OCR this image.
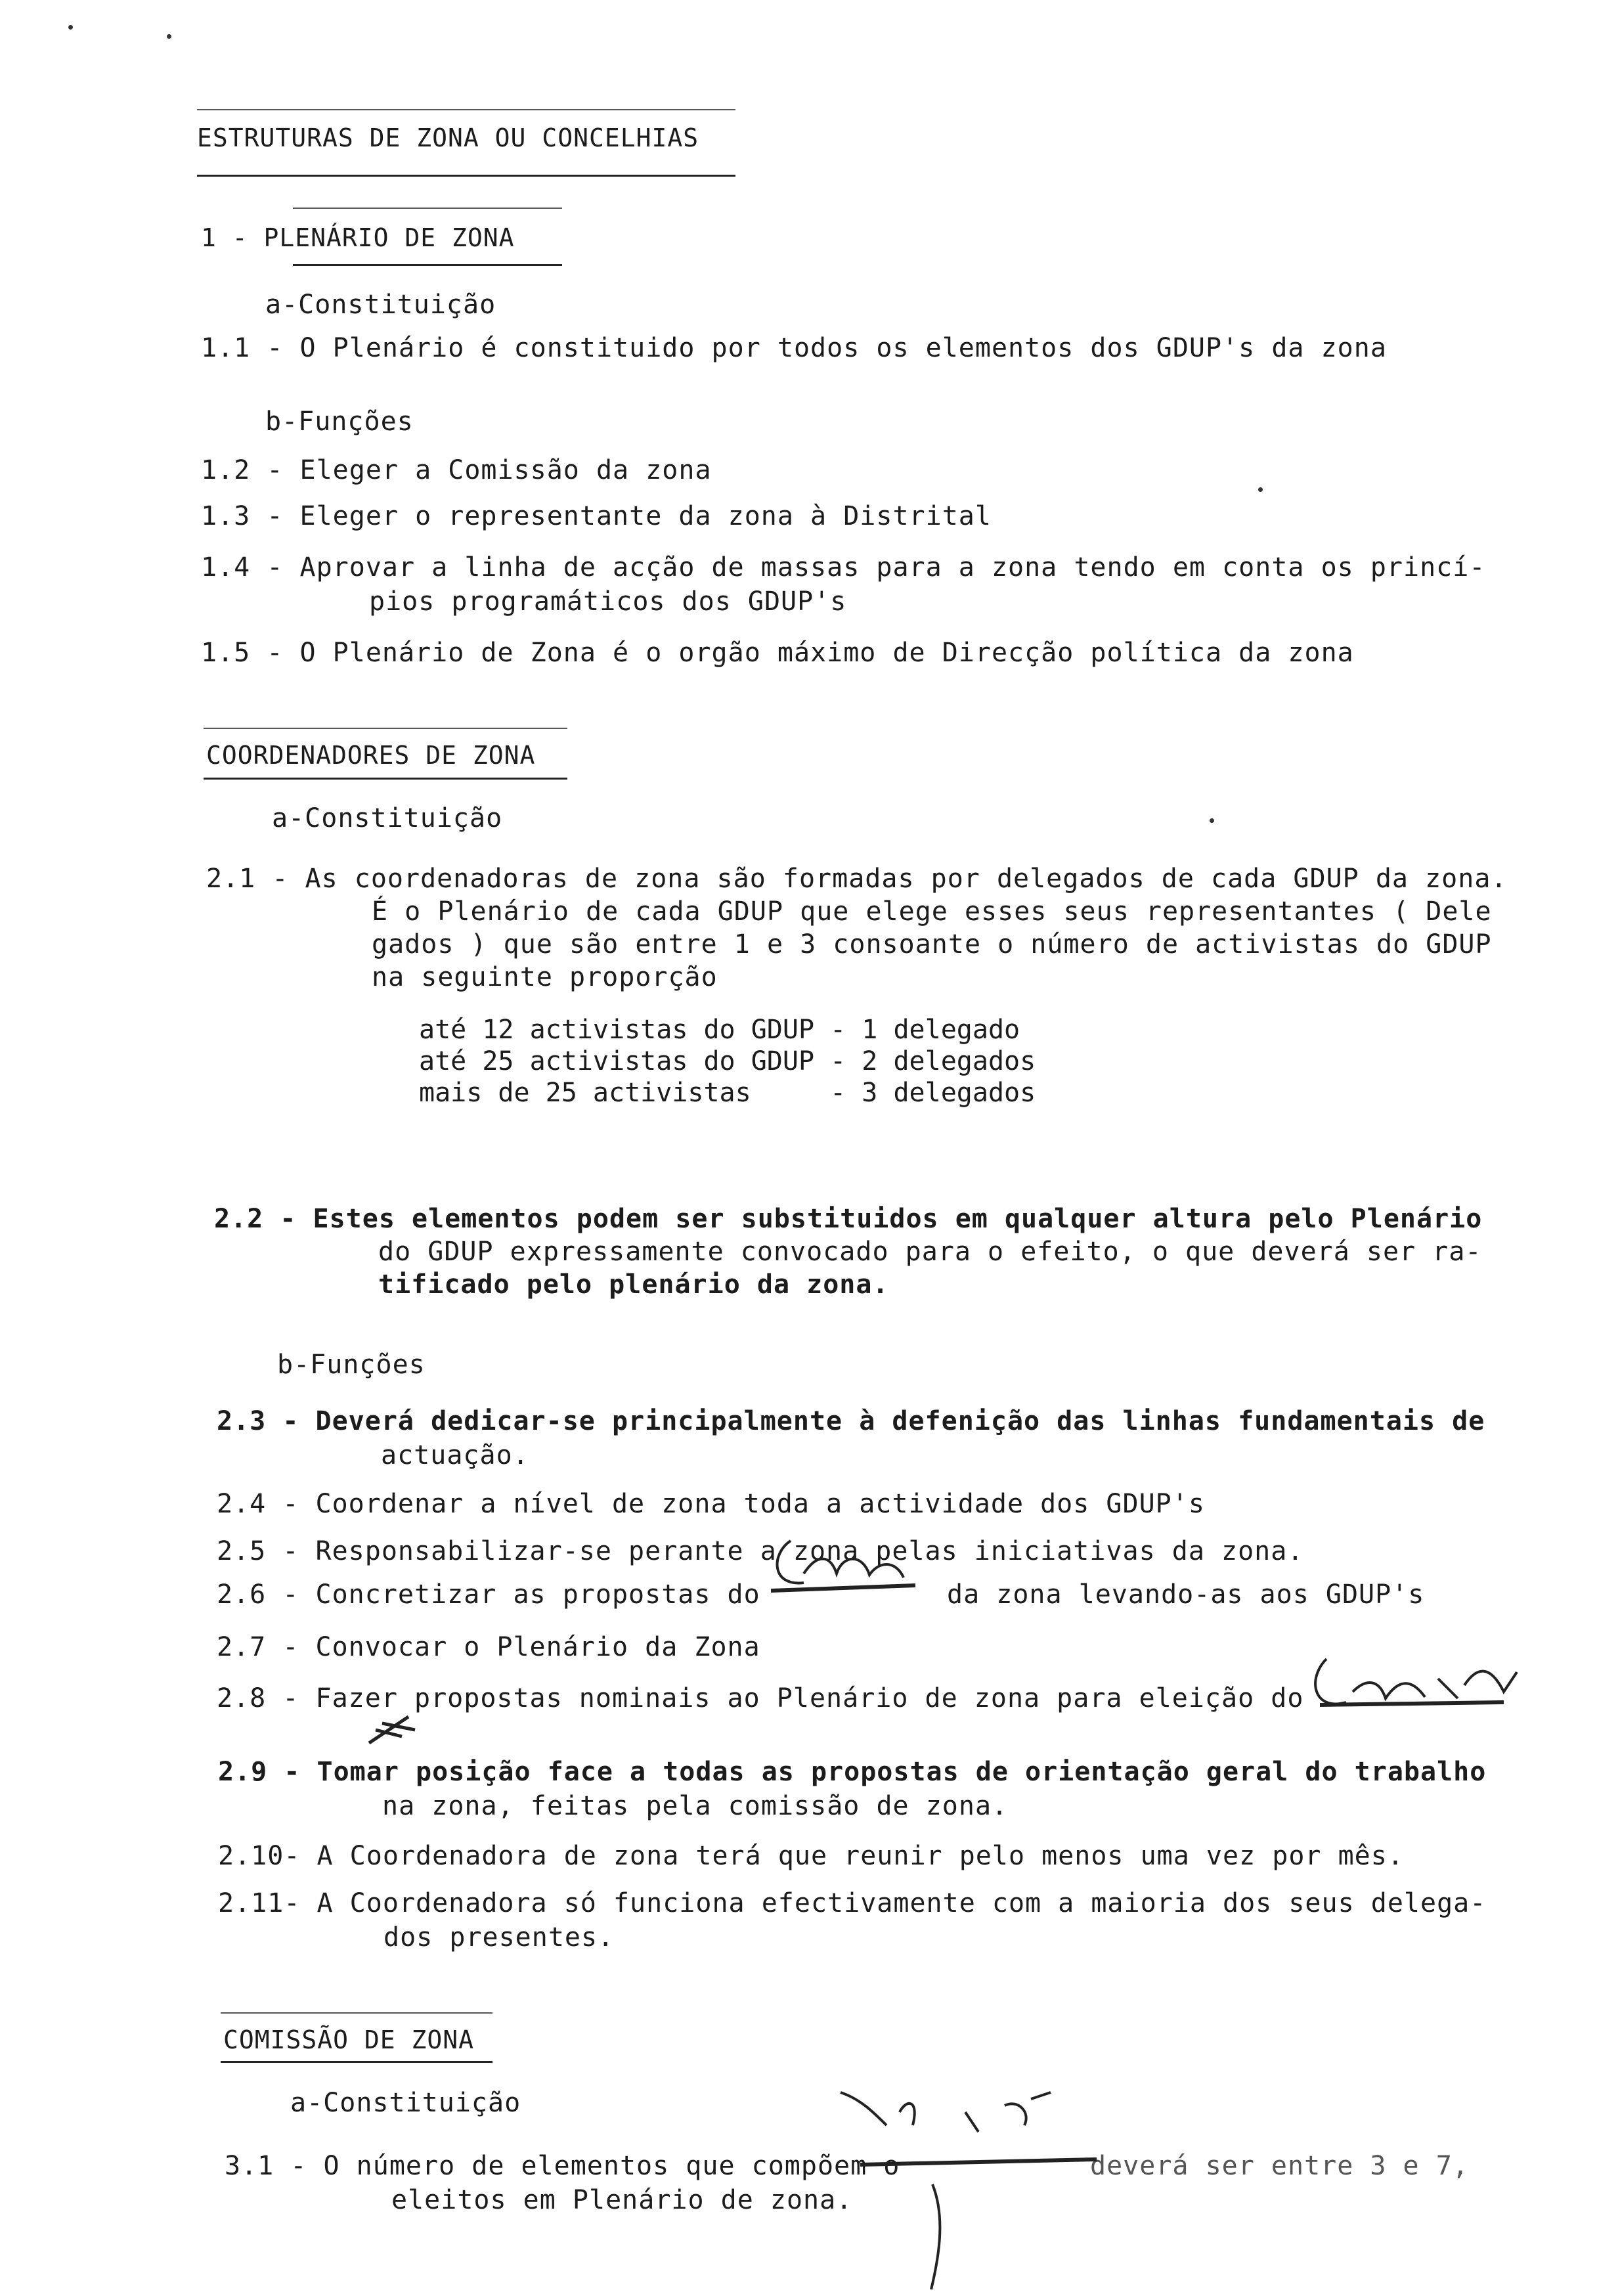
ESTRUTURAS DE ZONA OU CONCELHIAS
1 - PLENÁRIO DE ZONA
a-Constituição
1.1 - O Plenário é constituido por todos os elementos dos GDUP's da zona
b-Funções
1.2 - Eleger a Comissão da zona
1.3 - Eleger o representante da zona à Distrital
1.4 - Aprovar a linha de acção de massas para a zona tendo em conta os princí-
pios programáticos dos GDUP's
1.5 - O Plenário de Zona é o orgão máximo de Direcção política da zona
COORDENADORES DE ZONA
a-Constituição
2.1 - As coordenadoras de zona são formadas por delegados de cada GDUP da zona.
É o Plenário de cada GDUP que elege esses seus representantes ( Dele
gados ) que são entre 1 e 3 consoante o número de activistas do GDUP
na seguinte proporção
até 12 activistas do GDUP - 1 delegado
até 25 activistas do GDUP - 2 delegados
mais de 25 activistas     - 3 delegados
2.2 - Estes elementos podem ser substituidos em qualquer altura pelo Plenário
do GDUP expressamente convocado para o efeito, o que deverá ser ra-
tificado pelo plenário da zona.
b-Funções
2.3 - Deverá dedicar-se principalmente à defenição das linhas fundamentais de
actuação.
2.4 - Coordenar a nível de zona toda a actividade dos GDUP's
2.5 - Responsabilizar-se perante a zona pelas iniciativas da zona.
2.6 - Concretizar as propostas do	da zona levando-as aos GDUP's
2.7 - Convocar o Plenário da Zona
2.8 - Fazer propostas nominais ao Plenário de zona para eleição do
2.9 - Tomar posição face a todas as propostas de orientação geral do trabalho
na zona, feitas pela comissão de zona.
2.10- A Coordenadora de zona terá que reunir pelo menos uma vez por mês.
2.11- A Coordenadora só funciona efectivamente com a maioria dos seus delega-
dos presentes.
COMISSÃO DE ZONA
a-Constituição
3.1 - O número de elementos que compõem o	deverá ser entre 3 e 7,
eleitos em Plenário de zona.
